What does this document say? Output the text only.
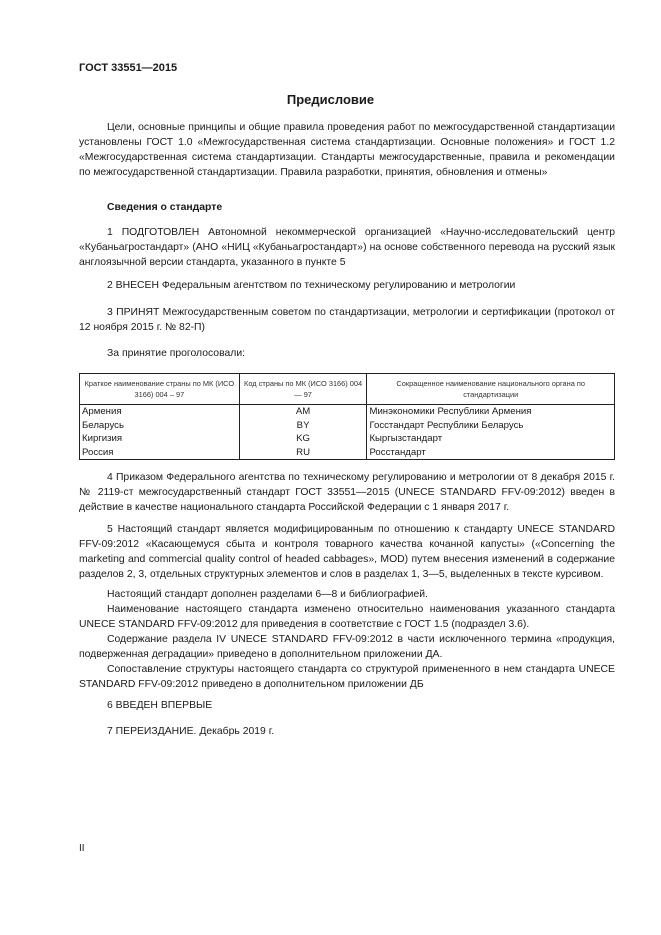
ГОСТ 33551—2015
Предисловие
Цели, основные принципы и общие правила проведения работ по межгосударственной стандартизации установлены ГОСТ 1.0 «Межгосударственная система стандартизации. Основные положения» и ГОСТ 1.2 «Межгосударственная система стандартизации. Стандарты межгосударственные, правила и рекомендации по межгосударственной стандартизации. Правила разработки, принятия, обновления и отмены»
Сведения о стандарте
1 ПОДГОТОВЛЕН Автономной некоммерческой организацией «Научно-исследовательский центр «Кубаньагростандарт» (АНО «НИЦ «Кубаньагростандарт») на основе собственного перевода на русский язык англоязычной версии стандарта, указанного в пункте 5
2 ВНЕСЕН Федеральным агентством по техническому регулированию и метрологии
3 ПРИНЯТ Межгосударственным советом по стандартизации, метрологии и сертификации (протокол от 12 ноября 2015 г. № 82-П)
За принятие проголосовали:
Краткое наименование страны по МК (ИСО 3166) 004 – 97	Код страны по МК (ИСО 3166) 004— 97	Сокращенное наименование национального органа по стандартизации
Армения	AM	Минэкономики Республики Армения
Беларусь	BY	Госстандарт Республики Беларусь
Киргизия	KG	Кыргызстандарт
Россия	RU	Росстандарт
4 Приказом Федерального агентства по техническому регулированию и метрологии от 8 декабря 2015 г. № 2119-ст межгосударственный стандарт ГОСТ 33551—2015 (UNECE STANDARD FFV-09:2012) введен в действие в качестве национального стандарта Российской Федерации с 1 января 2017 г.
5 Настоящий стандарт является модифицированным по отношению к стандарту UNECE STANDARD FFV-09:2012 «Касающемуся сбыта и контроля товарного качества кочанной капусты» («Concerning the marketing and commercial quality control of headed cabbages», MOD) путем внесения изменений в содержание разделов 2, 3, отдельных структурных элементов и слов в разделах 1, 3—5, выделенных в тексте курсивом.
Настоящий стандарт дополнен разделами 6—8 и библиографией.
Наименование настоящего стандарта изменено относительно наименования указанного стандарта UNECE STANDARD FFV-09:2012 для приведения в соответствие с ГОСТ 1.5 (подраздел 3.6).
Содержание раздела IV UNECE STANDARD FFV-09:2012 в части исключенного термина «продукция, подверженная деградации» приведено в дополнительном приложении ДА.
Сопоставление структуры настоящего стандарта со структурой примененного в нем стандарта UNECE STANDARD FFV-09:2012 приведено в дополнительном приложении ДБ
6 ВВЕДЕН ВПЕРВЫЕ
7 ПЕРЕИЗДАНИЕ. Декабрь 2019 г.
II
